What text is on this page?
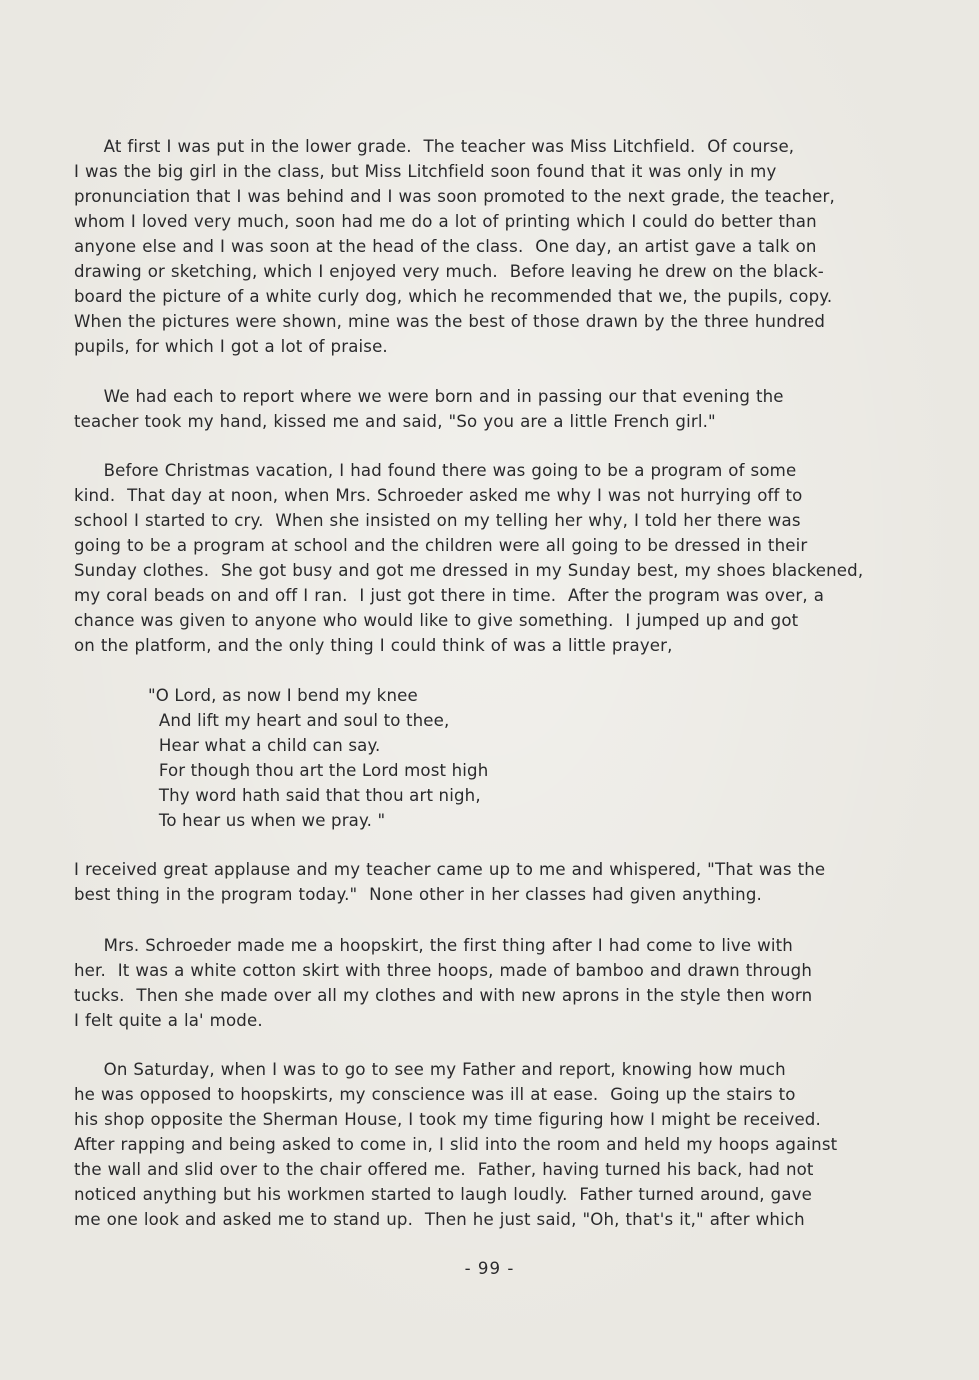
At first I was put in the lower grade.  The teacher was Miss Litchfield.  Of course,
I was the big girl in the class, but Miss Litchfield soon found that it was only in my
pronunciation that I was behind and I was soon promoted to the next grade, the teacher,
whom I loved very much, soon had me do a lot of printing which I could do better than
anyone else and I was soon at the head of the class.  One day, an artist gave a talk on
drawing or sketching, which I enjoyed very much.  Before leaving he drew on the black-
board the picture of a white curly dog, which he recommended that we, the pupils, copy.
When the pictures were shown, mine was the best of those drawn by the three hundred
pupils, for which I got a lot of praise.
We had each to report where we were born and in passing our that evening the
teacher took my hand, kissed me and said, "So you are a little French girl."
Before Christmas vacation, I had found there was going to be a program of some
kind.  That day at noon, when Mrs. Schroeder asked me why I was not hurrying off to
school I started to cry.  When she insisted on my telling her why, I told her there was
going to be a program at school and the children were all going to be dressed in their
Sunday clothes.  She got busy and got me dressed in my Sunday best, my shoes blackened,
my coral beads on and off I ran.  I just got there in time.  After the program was over, a
chance was given to anyone who would like to give something.  I jumped up and got
on the platform, and the only thing I could think of was a little prayer,
"O Lord, as now I bend my knee
And lift my heart and soul to thee,
Hear what a child can say.
For though thou art the Lord most high
Thy word hath said that thou art nigh,
To hear us when we pray. "
I received great applause and my teacher came up to me and whispered, "That was the
best thing in the program today."  None other in her classes had given anything.
Mrs. Schroeder made me a hoopskirt, the first thing after I had come to live with
her.  It was a white cotton skirt with three hoops, made of bamboo and drawn through
tucks.  Then she made over all my clothes and with new aprons in the style then worn
I felt quite a la' mode.
On Saturday, when I was to go to see my Father and report, knowing how much
he was opposed to hoopskirts, my conscience was ill at ease.  Going up the stairs to
his shop opposite the Sherman House, I took my time figuring how I might be received.
After rapping and being asked to come in, I slid into the room and held my hoops against
the wall and slid over to the chair offered me.  Father, having turned his back, had not
noticed anything but his workmen started to laugh loudly.  Father turned around, gave
me one look and asked me to stand up.  Then he just said, "Oh, that's it," after which
- 99 -
